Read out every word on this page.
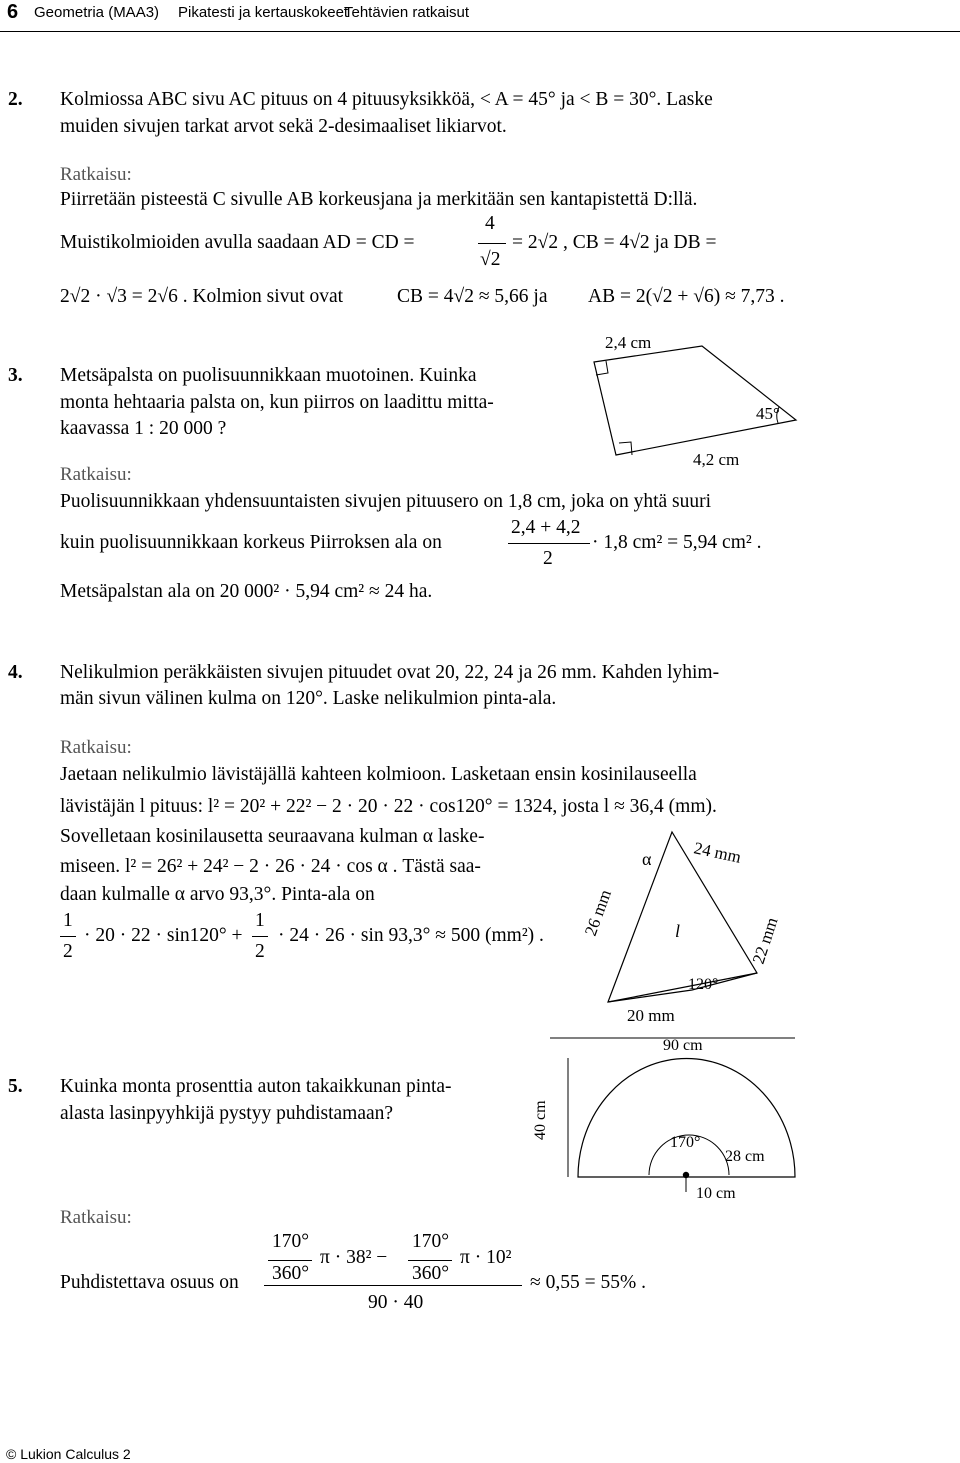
6 Geometria (MAA3) Pikatesti ja kertauskokeet
Tehtävien ratkaisut
2. Kolmiossa ABC sivu AC pituus on 4 pituusyksikköä, < A = 45° ja < B = 30°. Laske
muiden sivujen tarkat arvot sekä 2-desimaaliset likiarvot.
Ratkaisu:
Piirretään pisteestä C sivulle AB korkeusjana ja merkitään sen kantapistettä D:llä.
Muistikolmioiden avulla saadaan AD = CD =
4
√2
= 2√2 , CB = 4√2 ja DB =
2√2 · √3 = 2√6 . Kolmion sivut ovat	CB = 4√2 ≈ 5,66 ja AB = 2(√2 + √6) ≈ 7,73 .
3. Metsäpalsta on puolisuunnikkaan muotoinen. Kuinka
monta hehtaaria palsta on, kun piirros on laadittu mitta-
kaavassa 1 : 20 000 ?
2,4 cm
4,2 cm
45°
Ratkaisu:
Puolisuunnikkaan yhdensuuntaisten sivujen pituusero on 1,8 cm, joka on yhtä suuri
kuin puolisuunnikkaan korkeus Piirroksen ala on
2,4 + 4,2
2
· 1,8 cm² = 5,94 cm² .
Metsäpalstan ala on 20 000² · 5,94 cm² ≈ 24 ha.
4. Nelikulmion peräkkäisten sivujen pituudet ovat 20, 22, 24 ja 26 mm. Kahden lyhim-
män sivun välinen kulma on 120°. Laske nelikulmion pinta-ala.
Ratkaisu:
Jaetaan nelikulmio lävistäjällä kahteen kolmioon. Lasketaan ensin kosinilauseella
lävistäjän l pituus: l² = 20² + 22² − 2 · 20 · 22 · cos120° = 1324, josta l ≈ 36,4 (mm).
Sovelletaan kosinilausetta seuraavana kulman α laske-
miseen. l² = 26² + 24² − 2 · 26 · 24 · cos α . Tästä saa-
daan kulmalle α arvo 93,3°. Pinta-ala on
1
2
· 20 · 22 · sin120° +
1
2
· 24 · 26 · sin 93,3° ≈ 500 (mm²) .
24 mm
26 mm
22 mm
20 mm
l
α
120°
5. Kuinka monta prosenttia auton takaikkunan pinta-
alasta lasinpyyhkijä pystyy puhdistamaan?
90 cm
40 cm
170°
28 cm
10 cm
Ratkaisu:
Puhdistettava osuus on
170°
360°
π · 38² −
170°
360°
π · 10²
90 · 40
≈ 0,55 = 55% .
© Lukion Calculus 2
